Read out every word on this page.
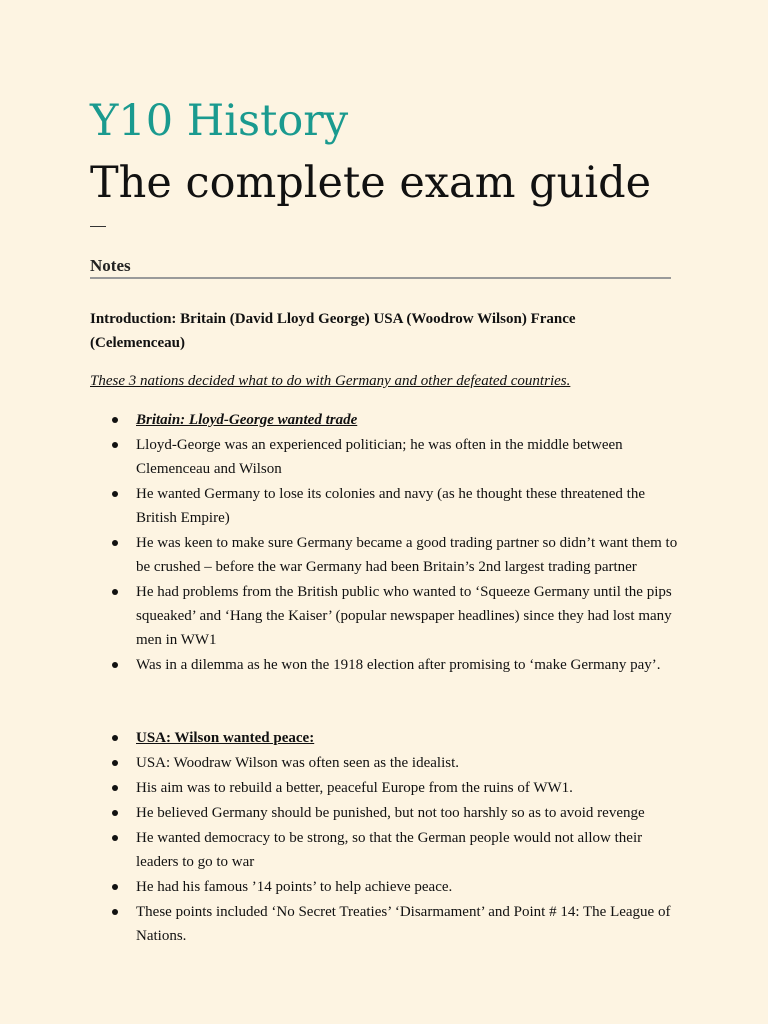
Y10 History
The complete exam guide
Notes
Introduction: Britain (David Lloyd George) USA (Woodrow Wilson) France (Celemenceau)
These 3 nations decided what to do with Germany and other defeated countries.
Britain: Lloyd-George wanted trade
Lloyd-George was an experienced politician; he was often in the middle between Clemenceau and Wilson
He wanted Germany to lose its colonies and navy (as he thought these threatened the British Empire)
He was keen to make sure Germany became a good trading partner so didn’t want them to be crushed – before the war Germany had been Britain’s 2nd largest trading partner
He had problems from the British public who wanted to ‘Squeeze Germany until the pips squeaked’ and ‘Hang the Kaiser’ (popular newspaper headlines) since they had lost many men in WW1
Was in a dilemma as he won the 1918 election after promising to ‘make Germany pay’.
USA: Wilson wanted peace:
USA: Woodraw Wilson was often seen as the idealist.
His aim was to rebuild a better, peaceful Europe from the ruins of WW1.
He believed Germany should be punished, but not too harshly so as to avoid revenge
He wanted democracy to be strong, so that the German people would not allow their leaders to go to war
He had his famous ’14 points’ to help achieve peace.
These points included ‘No Secret Treaties’ ‘Disarmament’ and Point # 14: The League of Nations.
